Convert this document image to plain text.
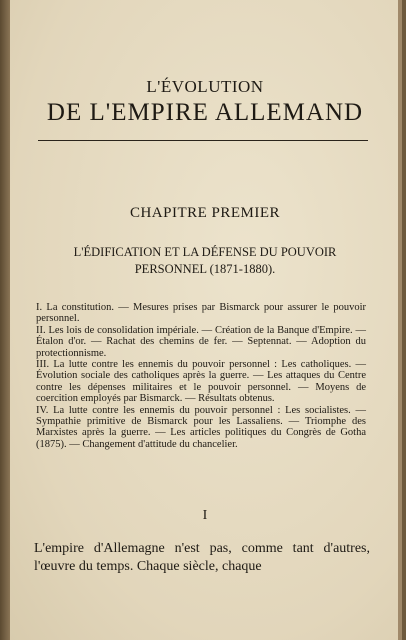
L'ÉVOLUTION
DE L'EMPIRE ALLEMAND
CHAPITRE PREMIER
L'ÉDIFICATION ET LA DÉFENSE DU POUVOIR
PERSONNEL (1871-1880).

I. La constitution. — Mesures prises par Bismarck pour assurer le pouvoir personnel.

II. Les lois de consolidation impériale. — Création de la Banque d'Empire. — Étalon d'or. — Rachat des chemins de fer. — Septennat. — Adoption du protectionnisme.

III. La lutte contre les ennemis du pouvoir personnel : Les catholiques. — Évolution sociale des catholiques après la guerre. — Les attaques du Centre contre les dépenses militaires et le pouvoir personnel. — Moyens de coercition employés par Bismarck. — Résultats obtenus.

IV. La lutte contre les ennemis du pouvoir personnel : Les socialistes. — Sympathie primitive de Bismarck pour les Lassaliens. — Triomphe des Marxistes après la guerre. — Les articles politiques du Congrès de Gotha (1875). — Changement d'attitude du chancelier.

I
L'empire d'Allemagne n'est pas, comme tant d'autres, l'œuvre du temps. Chaque siècle, chaque
